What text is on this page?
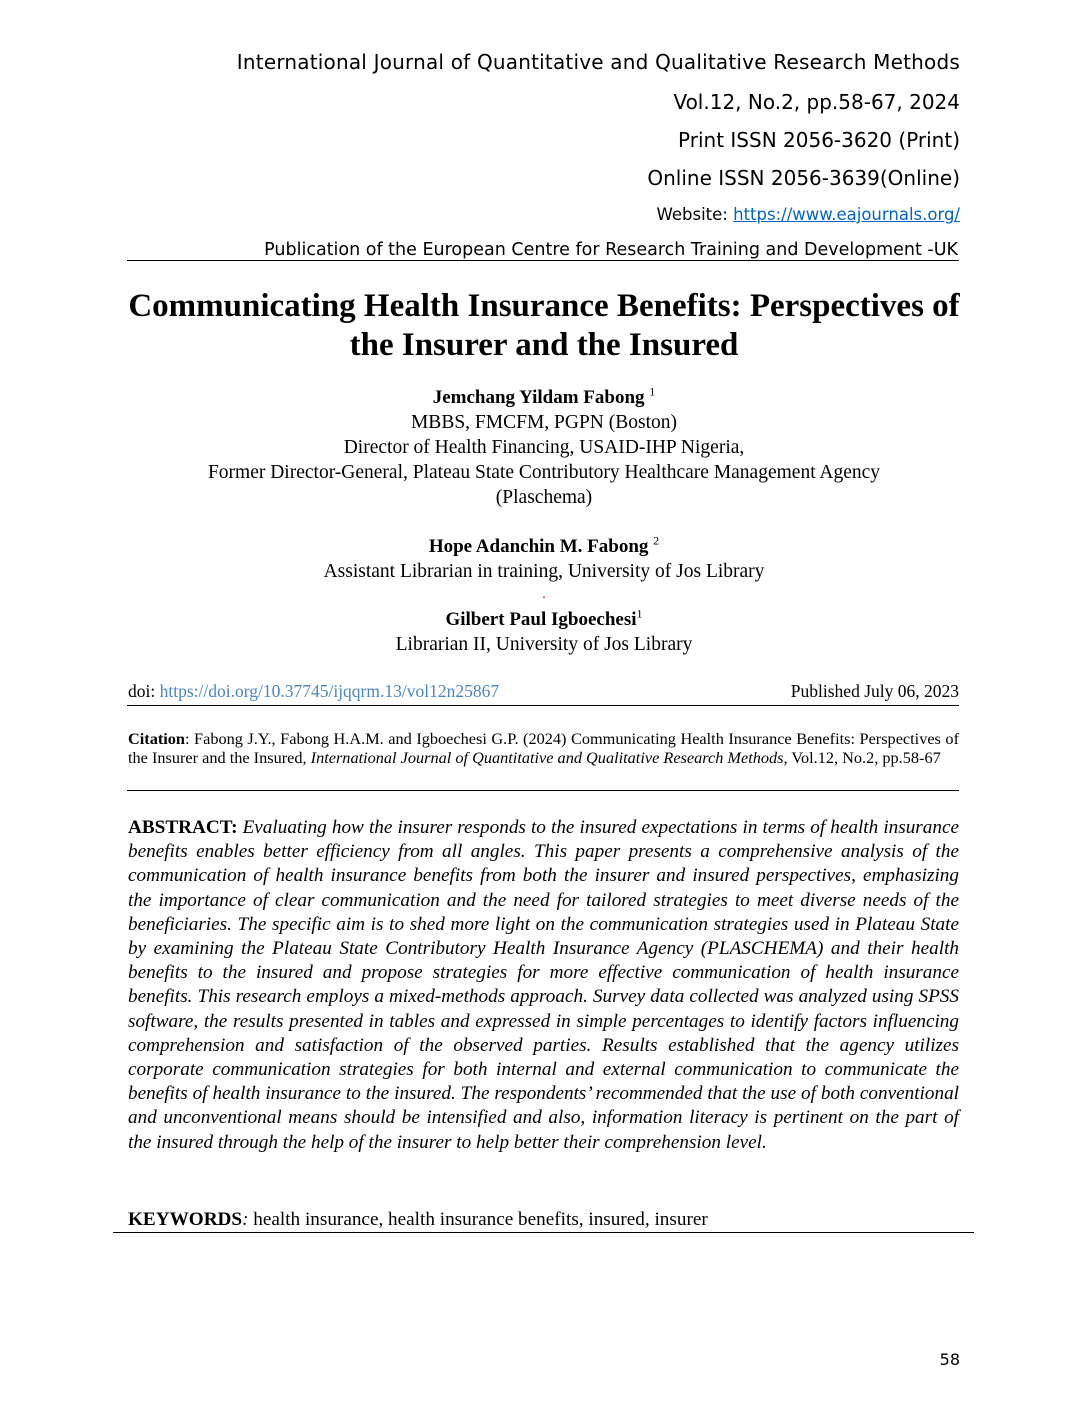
International Journal of Quantitative and Qualitative Research Methods
Vol.12, No.2, pp.58-67, 2024
Print ISSN 2056-3620 (Print)
Online ISSN 2056-3639(Online)
Website: https://www.eajournals.org/
Publication of the European Centre for Research Training and Development -UK
Communicating Health Insurance Benefits: Perspectives of
the Insurer and the Insured
Jemchang Yildam Fabong $^1$
MBBS, FMCFM, PGPN (Boston)
Director of Health Financing, USAID-IHP Nigeria,
Former Director-General, Plateau State Contributory Healthcare Management Agency
(Plaschema)
Hope Adanchin M. Fabong $^2$
Assistant Librarian in training, University of Jos Library
.
Gilbert Paul Igboechesi$^1$
Librarian II, University of Jos Library
doi: https://doi.org/10.37745/ijqqrm.13/vol12n25867	Published July 06, 2023
Citation: Fabong J.Y., Fabong H.A.M. and Igboechesi G.P. (2024) Communicating Health Insurance Benefits: Perspectives of the Insurer and the Insured, International Journal of Quantitative and Qualitative Research Methods, Vol.12, No.2, pp.58-67
ABSTRACT: Evaluating how the insurer responds to the insured expectations in terms of health insurance benefits enables better efficiency from all angles. This paper presents a comprehensive analysis of the communication of health insurance benefits from both the insurer and insured perspectives, emphasizing the importance of clear communication and the need for tailored strategies to meet diverse needs of the beneficiaries. The specific aim is to shed more light on the communication strategies used in Plateau State by examining the Plateau State Contributory Health Insurance Agency (PLASCHEMA) and their health benefits to the insured and propose strategies for more effective communication of health insurance benefits. This research employs a mixed-methods approach. Survey data collected was analyzed using SPSS software, the results presented in tables and expressed in simple percentages to identify factors influencing comprehension and satisfaction of the observed parties. Results established that the agency utilizes corporate communication strategies for both internal and external communication to communicate the benefits of health insurance to the insured. The respondents’ recommended that the use of both conventional and unconventional means should be intensified and also, information literacy is pertinent on the part of the insured through the help of the insurer to help better their comprehension level.
KEYWORDS: health insurance, health insurance benefits, insured, insurer
58
